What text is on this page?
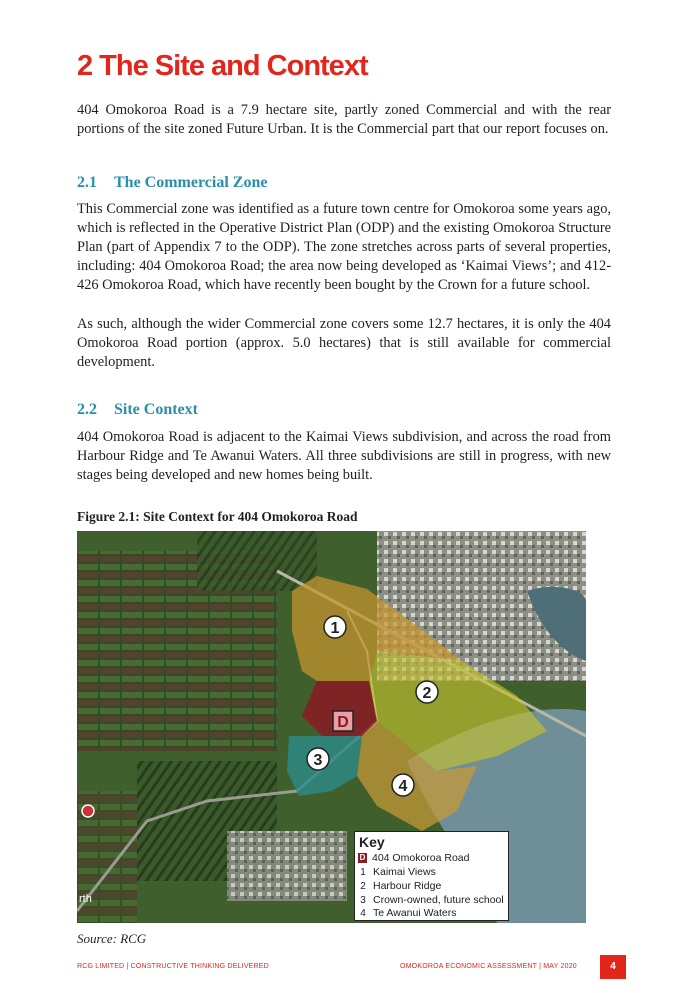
2 The Site and Context

404 Omokoroa Road is a 7.9 hectare site, partly zoned Commercial and with the rear portions of the site zoned Future Urban. It is the Commercial part that our report focuses on.

2.1 The Commercial Zone

This Commercial zone was identified as a future town centre for Omokoroa some years ago, which is reflected in the Operative District Plan (ODP) and the existing Omokoroa Structure Plan (part of Appendix 7 to the ODP). The zone stretches across parts of several properties, including: 404 Omokoroa Road; the area now being developed as ‘Kaimai Views’; and 412-426 Omokoroa Road, which have recently been bought by the Crown for a future school.

As such, although the wider Commercial zone covers some 12.7 hectares, it is only the 404 Omokoroa Road portion (approx. 5.0 hectares) that is still available for commercial development.

2.2 Site Context

404 Omokoroa Road is adjacent to the Kaimai Views subdivision, and across the road from Harbour Ridge and Te Awanui Waters. All three subdivisions are still in progress, with new stages being developed and new homes being built.

Figure 2.1: Site Context for 404 Omokoroa Road

1
2
3
4
D
rth
Key
D 404 Omokoroa Road
1 Kaimai Views
2 Harbour Ridge
3 Crown-owned, future school
4 Te Awanui Waters

Source: RCG

RCG LIMITED | CONSTRUCTIVE THINKING DELIVERED	OMOKOROA ECONOMIC ASSESSMENT | MAY 2020	4
